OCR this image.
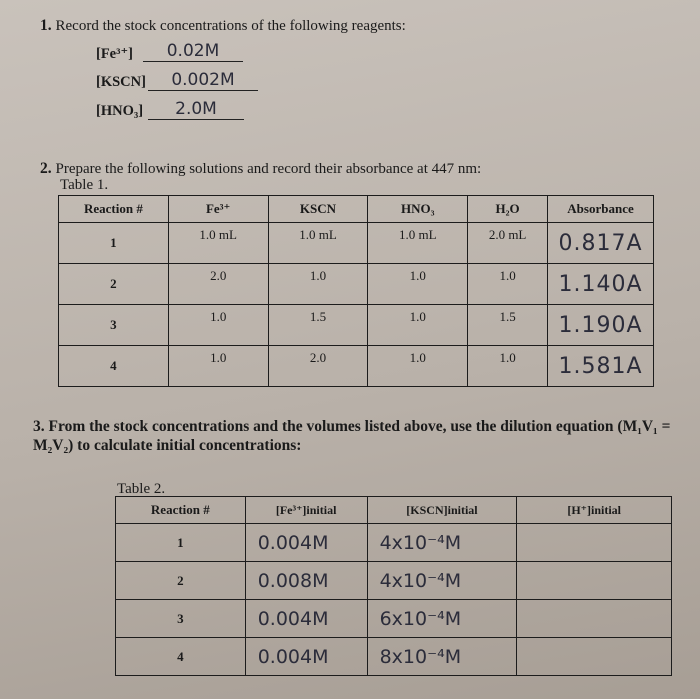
1. Record the stock concentrations of the following reagents:
[Fe³⁺]	0.02M
[KSCN]	0.002M
[HNO₃]	2.0M
2. Prepare the following solutions and record their absorbance at 447 nm:
Table 1.
Reaction #	Fe³⁺	KSCN	HNO₃	H₂O	Absorbance
1	1.0 mL	1.0 mL	1.0 mL	2.0 mL	0.817A
2	2.0	1.0	1.0	1.0	1.140A
3	1.0	1.5	1.0	1.5	1.190A
4	1.0	2.0	1.0	1.0	1.581A
3. From the stock concentrations and the volumes listed above, use the dilution equation (M₁V₁ =
M₂V₂) to calculate initial concentrations:
Table 2.
Reaction #	[Fe³⁺]initial	[KSCN]initial	[H⁺]initial
1	0.004M	4x10⁻⁴M	
2	0.008M	4x10⁻⁴M	
3	0.004M	6x10⁻⁴M	
4	0.004M	8x10⁻⁴M	
